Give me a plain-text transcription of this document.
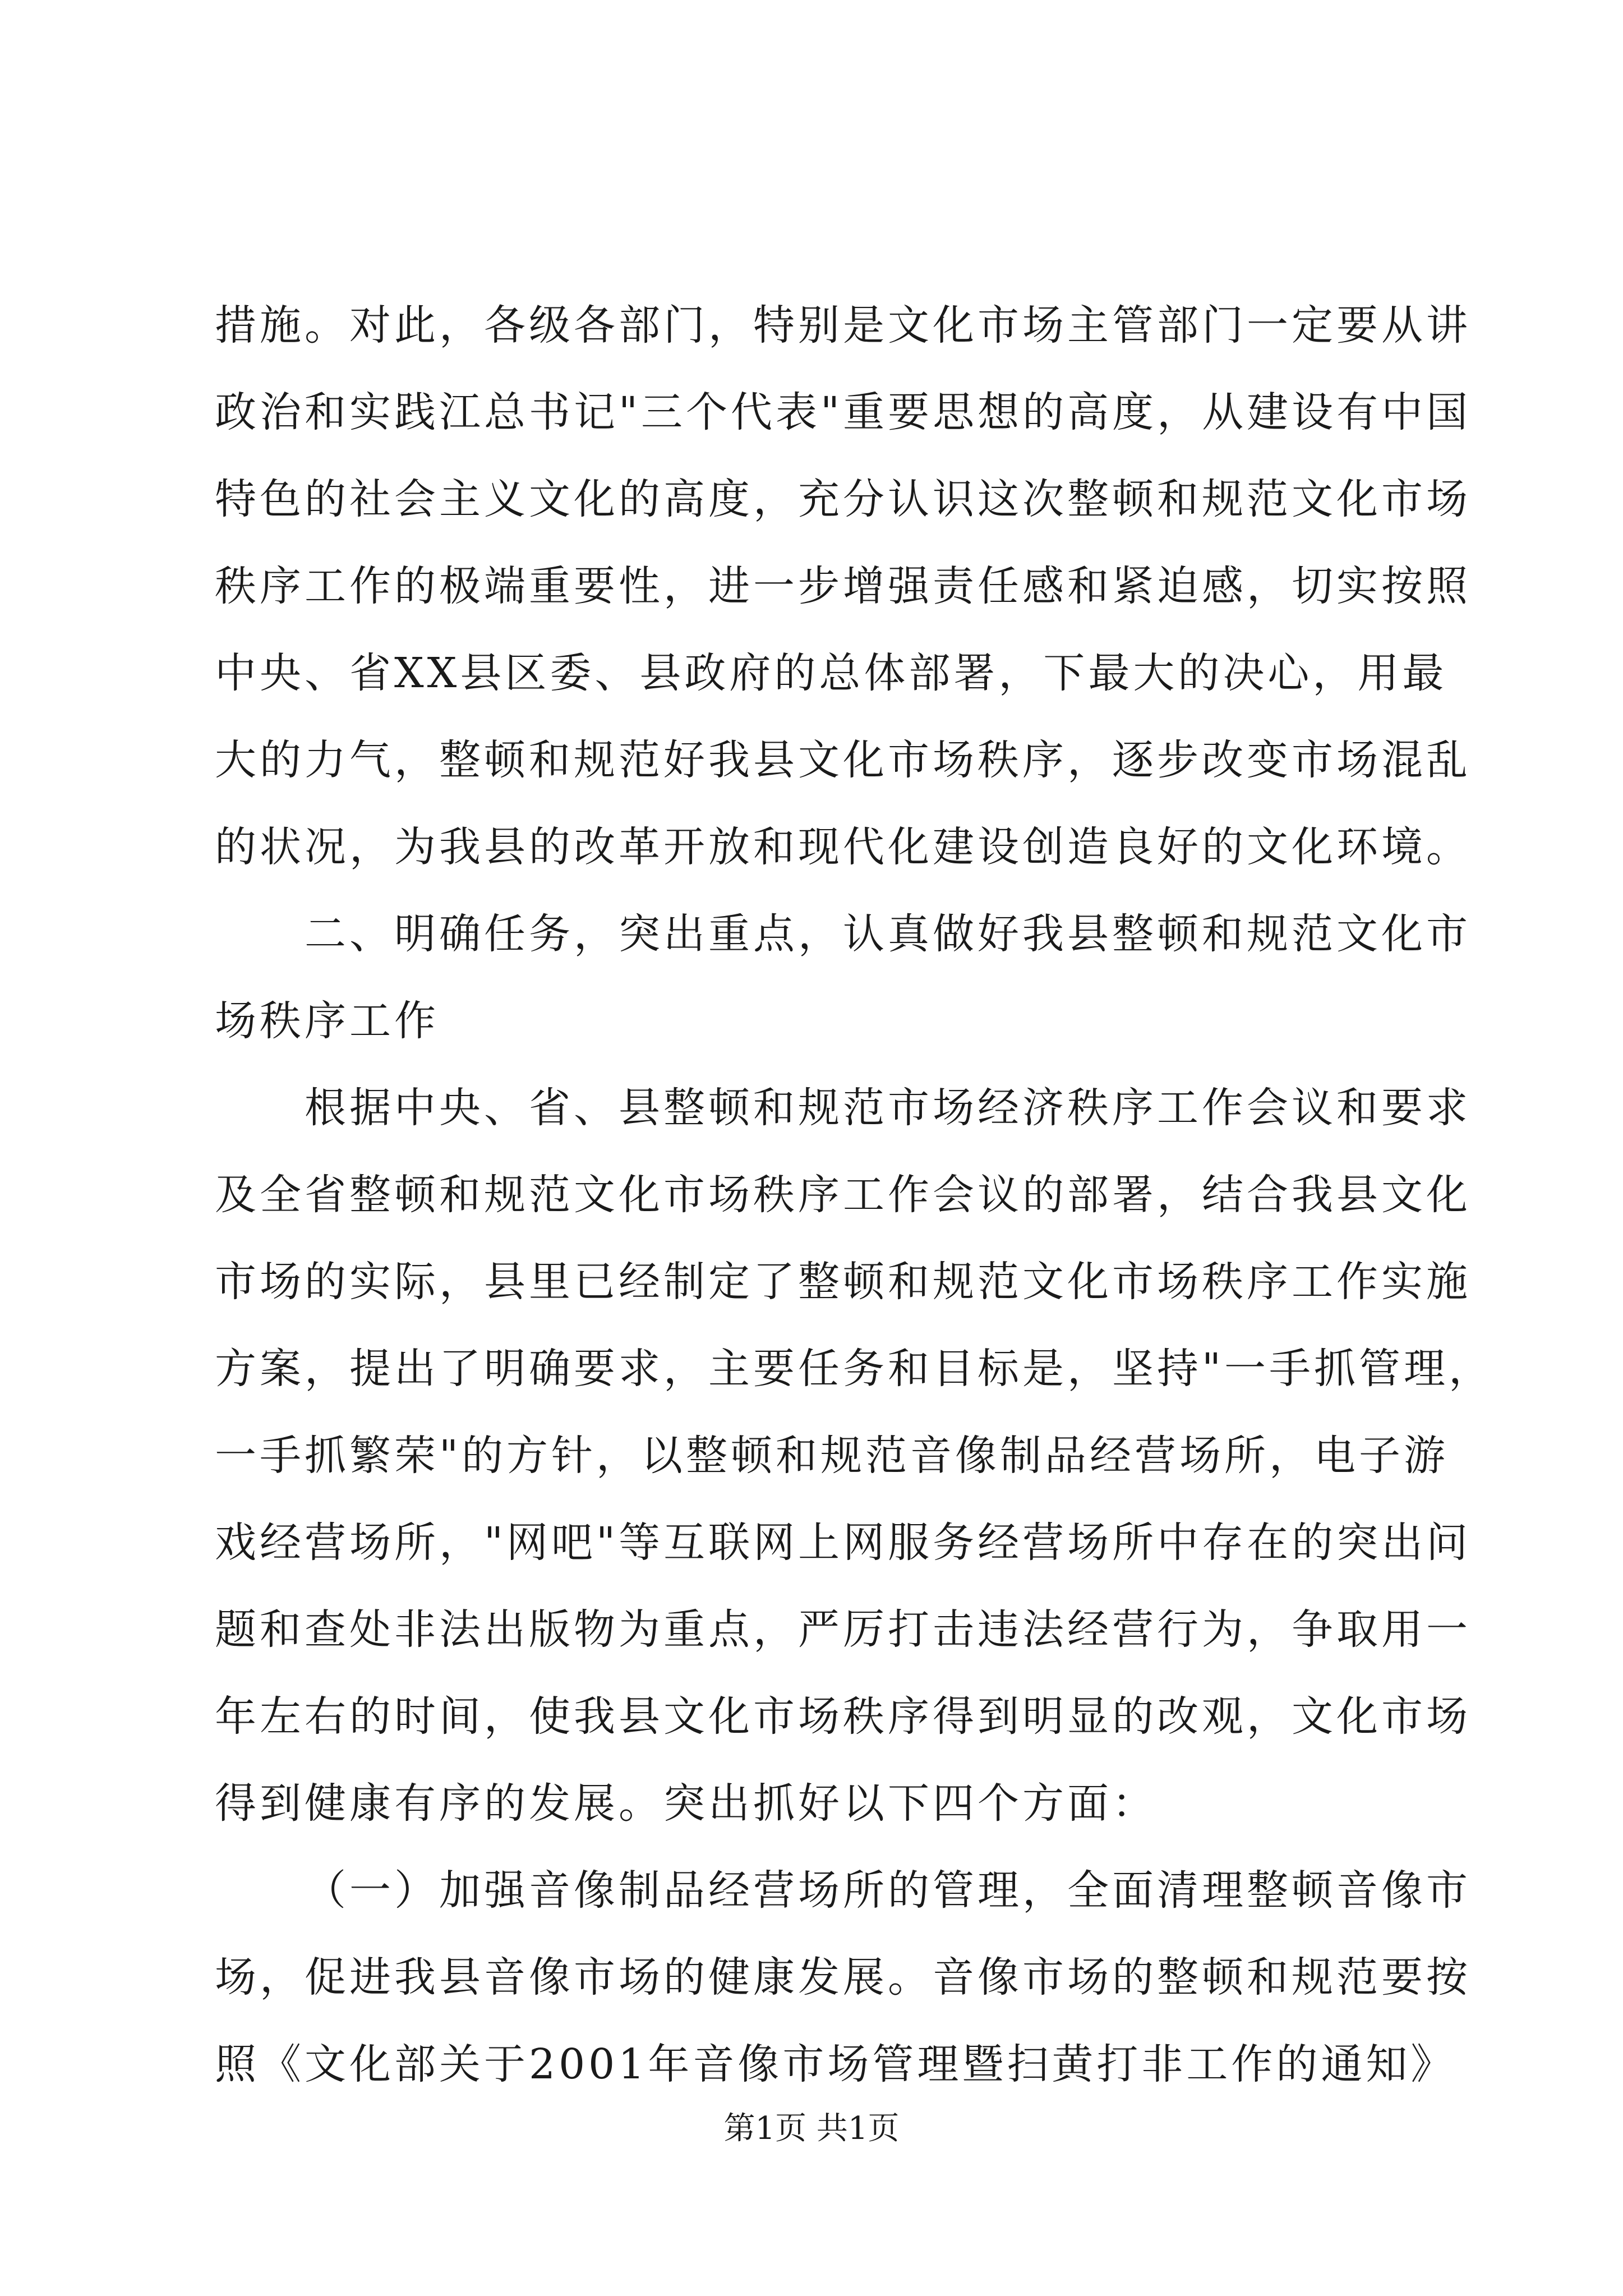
措施。对此，各级各部门，特别是文化市场主管部门一定要从讲
政治和实践江总书记"三个代表"重要思想的高度，从建设有中国
特色的社会主义文化的高度，充分认识这次整顿和规范文化市场
秩序工作的极端重要性，进一步增强责任感和紧迫感，切实按照
中央、省XX县区委、县政府的总体部署，下最大的决心，用最
大的力气，整顿和规范好我县文化市场秩序，逐步改变市场混乱
的状况，为我县的改革开放和现代化建设创造良好的文化环境。
二、明确任务，突出重点，认真做好我县整顿和规范文化市
场秩序工作
根据中央、省、县整顿和规范市场经济秩序工作会议和要求
及全省整顿和规范文化市场秩序工作会议的部署，结合我县文化
市场的实际，县里已经制定了整顿和规范文化市场秩序工作实施
方案，提出了明确要求，主要任务和目标是，坚持"一手抓管理，
一手抓繁荣"的方针，以整顿和规范音像制品经营场所，电子游
戏经营场所，"网吧"等互联网上网服务经营场所中存在的突出问
题和查处非法出版物为重点，严厉打击违法经营行为，争取用一
年左右的时间，使我县文化市场秩序得到明显的改观，文化市场
得到健康有序的发展。突出抓好以下四个方面：
（一）加强音像制品经营场所的管理，全面清理整顿音像市
场，促进我县音像市场的健康发展。音像市场的整顿和规范要按
照《文化部关于2001年音像市场管理暨扫黄打非工作的通知》
第1页 共1页
